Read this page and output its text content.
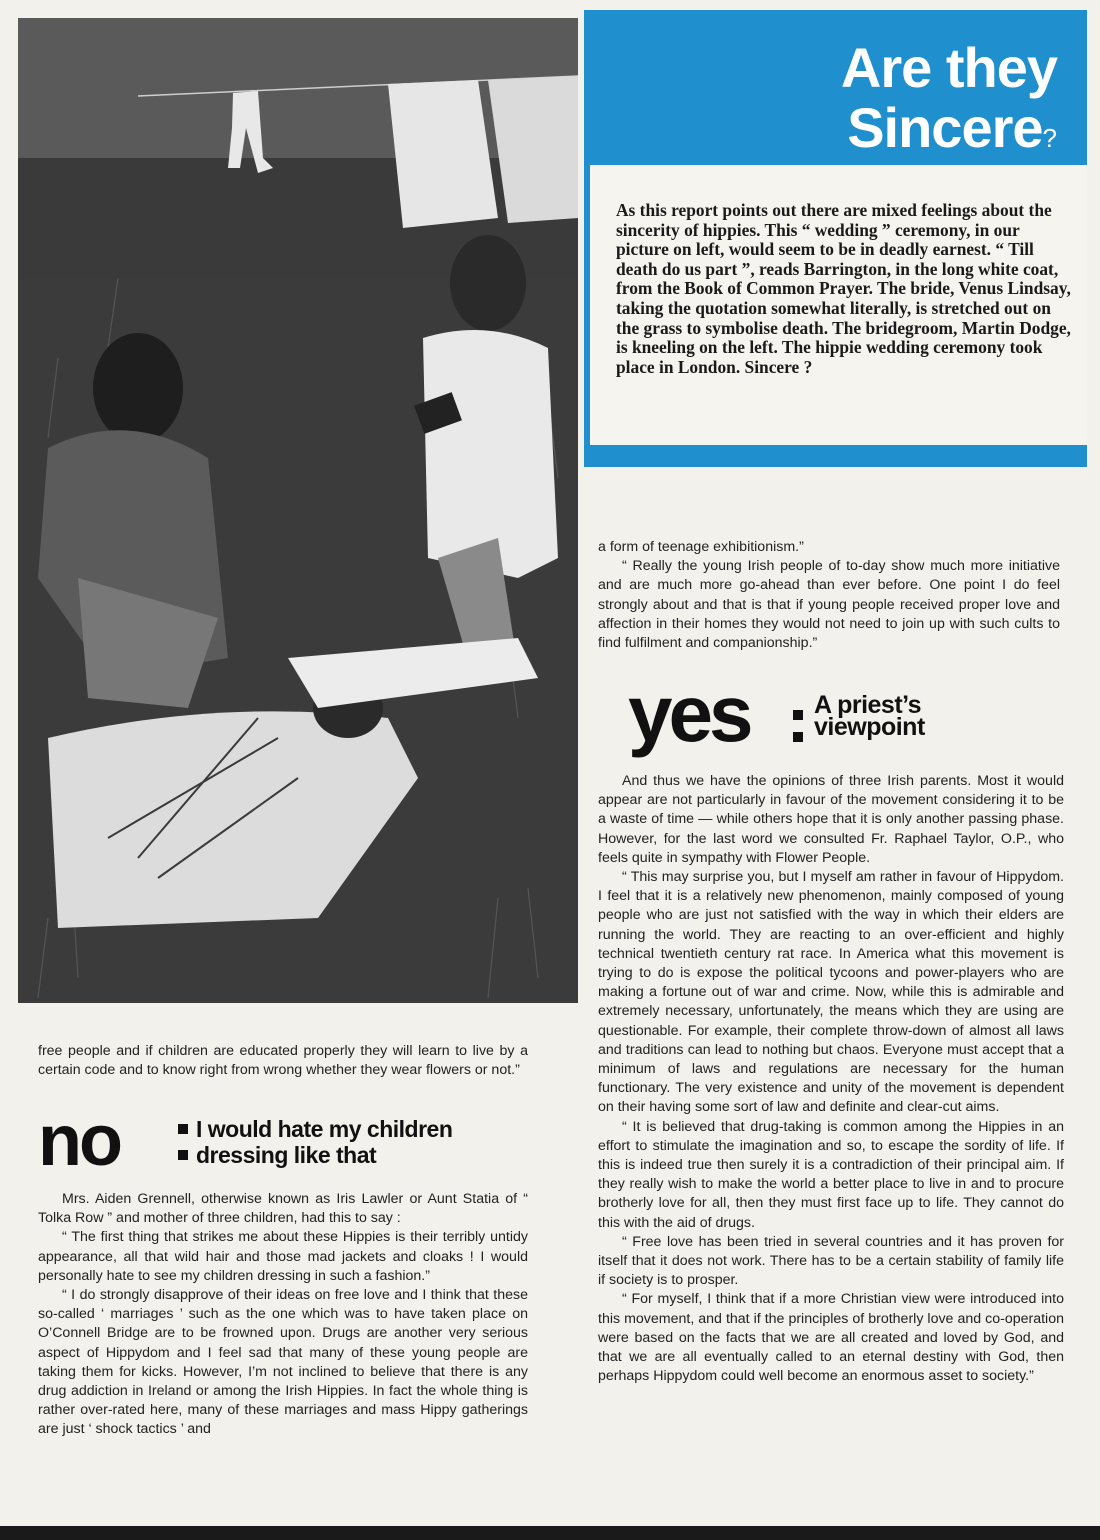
Are they
Sincere?

As this report points out there are mixed feelings about the sincerity of hippies. This “ wedding ” ceremony, in our picture on left, would seem to be in deadly earnest. “ Till death do us part ”, reads Barrington, in the long white coat, from the Book of Common Prayer. The bride, Venus Lindsay, taking the quotation somewhat literally, is stretched out on the grass to symbolise death. The bridegroom, Martin Dodge, is kneeling on the left. The hippie wedding ceremony took place in London. Sincere ?

a form of teenage exhibitionism.”

“ Really the young Irish people of to-day show much more initiative and are much more go-ahead than ever before. One point I do feel strongly about and that is that if young people received proper love and affection in their homes they would not need to join up with such cults to find fulfilment and companionship.”

yes	A priest’s
viewpoint

And thus we have the opinions of three Irish parents. Most it would appear are not particularly in favour of the movement considering it to be a waste of time — while others hope that it is only another passing phase. However, for the last word we consulted Fr. Raphael Taylor, O.P., who feels quite in sympathy with Flower People.

“ This may surprise you, but I myself am rather in favour of Hippydom. I feel that it is a relatively new phenomenon, mainly composed of young people who are just not satisfied with the way in which their elders are running the world. They are reacting to an over-efficient and highly technical twentieth century rat race. In America what this movement is trying to do is expose the political tycoons and power-players who are making a fortune out of war and crime. Now, while this is admirable and extremely necessary, unfortunately, the means which they are using are questionable. For example, their complete throw-down of almost all laws and traditions can lead to nothing but chaos. Everyone must accept that a minimum of laws and regulations are necessary for the human functionary. The very existence and unity of the movement is dependent on their having some sort of law and definite and clear-cut aims.

“ It is believed that drug-taking is common among the Hippies in an effort to stimulate the imagination and so, to escape the sordity of life. If this is indeed true then surely it is a contradiction of their principal aim. If they really wish to make the world a better place to live in and to procure brotherly love for all, then they must first face up to life. They cannot do this with the aid of drugs.

“ Free love has been tried in several countries and it has proven for itself that it does not work. There has to be a certain stability of family life if society is to prosper.

“ For myself, I think that if a more Christian view were introduced into this movement, and that if the principles of brotherly love and co-operation were based on the facts that we are all created and loved by God, and that we are all eventually called to an eternal destiny with God, then perhaps Hippydom could well become an enormous asset to society.”

free people and if children are educated properly they will learn to live by a certain code and to know right from wrong whether they wear flowers or not.”

no	I would hate my children
dressing like that

Mrs. Aiden Grennell, otherwise known as Iris Lawler or Aunt Statia of “ Tolka Row ” and mother of three children, had this to say :

“ The first thing that strikes me about these Hippies is their terribly untidy appearance, all that wild hair and those mad jackets and cloaks ! I would personally hate to see my children dressing in such a fashion.”

“ I do strongly disapprove of their ideas on free love and I think that these so-called ‘ marriages ’ such as the one which was to have taken place on O’Connell Bridge are to be frowned upon. Drugs are another very serious aspect of Hippydom and I feel sad that many of these young people are taking them for kicks. However, I’m not inclined to believe that there is any drug addiction in Ireland or among the Irish Hippies. In fact the whole thing is rather over-rated here, many of these marriages and mass Hippy gatherings are just ‘ shock tactics ’ and
